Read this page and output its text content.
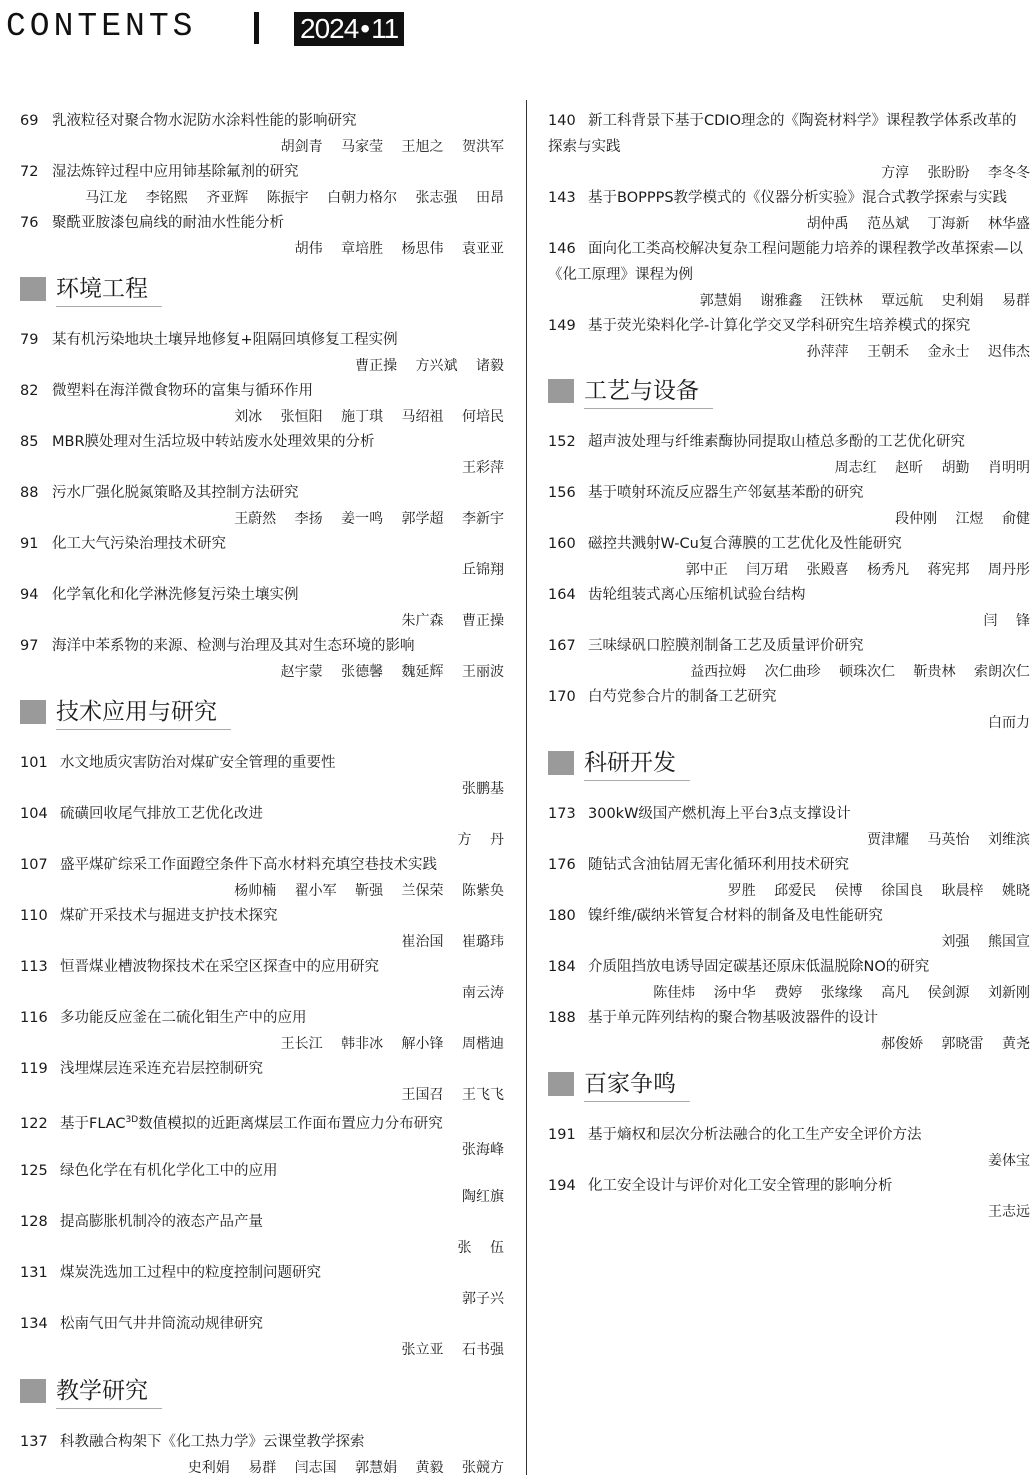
CONTENTS	2024•11
69 乳液粒径对聚合物水泥防水涂料性能的影响研究
胡剑青 马家莹 王旭之 贺洪军
72 湿法炼锌过程中应用铈基除氟剂的研究
马江龙 李铭熙 齐亚辉 陈振宇 白朝力格尔 张志强 田昂
76 聚酰亚胺漆包扁线的耐油水性能分析
胡伟 章培胜 杨思伟 袁亚亚
环境工程
79 某有机污染地块土壤异地修复+阻隔回填修复工程实例
曹正操 方兴斌 诸毅
82 微塑料在海洋微食物环的富集与循环作用
刘冰 张恒阳 施丁琪 马绍祖 何培民
85 MBR膜处理对生活垃圾中转站废水处理效果的分析
王彩萍
88 污水厂强化脱氮策略及其控制方法研究
王蔚然 李扬 姜一鸣 郭学超 李新宇
91 化工大气污染治理技术研究
丘锦翔
94 化学氧化和化学淋洗修复污染土壤实例
朱广森 曹正操
97 海洋中苯系物的来源、检测与治理及其对生态环境的影响
赵宇蒙 张德馨 魏延辉 王丽波
技术应用与研究
101 水文地质灾害防治对煤矿安全管理的重要性
张鹏基
104 硫磺回收尾气排放工艺优化改进
方 丹
107 盛平煤矿综采工作面蹬空条件下高水材料充填空巷技术实践
杨帅楠 翟小军 靳强 兰保荣 陈紫奂
110 煤矿开采技术与掘进支护技术探究
崔治国 崔璐玮
113 恒晋煤业槽波物探技术在采空区探查中的应用研究
南云涛
116 多功能反应釜在二硫化钼生产中的应用
王长江 韩非冰 解小锋 周楷迪
119 浅埋煤层连采连充岩层控制研究
王国召 王飞飞
122 基于$FLAC^{3D}$数值模拟的近距离煤层工作面布置应力分布研究
张海峰
125 绿色化学在有机化学化工中的应用
陶红旗
128 提高膨胀机制冷的液态产品产量
张 伍
131 煤炭洗选加工过程中的粒度控制问题研究
郭子兴
134 松南气田气井井筒流动规律研究
张立亚 石书强
教学研究
137 科教融合构架下《化工热力学》云课堂教学探索
史利娟 易群 闫志国 郭慧娟 黄毅 张競方
140 新工科背景下基于CDIO理念的《陶瓷材料学》课程教学体系改革的探索与实践
方淳 张盼盼 李冬冬
143 基于BOPPPS教学模式的《仪器分析实验》混合式教学探索与实践
胡仲禹 范丛斌 丁海新 林华盛
146 面向化工类高校解决复杂工程问题能力培养的课程教学改革探索—以《化工原理》课程为例
郭慧娟 谢雅鑫 汪铁林 覃远航 史利娟 易群
149 基于荧光染料化学-计算化学交叉学科研究生培养模式的探究
孙萍萍 王朝禾 金永士 迟伟杰
工艺与设备
152 超声波处理与纤维素酶协同提取山楂总多酚的工艺优化研究
周志红 赵昕 胡勤 肖明明
156 基于喷射环流反应器生产邻氨基苯酚的研究
段仲刚 江煜 俞健
160 磁控共溅射W-Cu复合薄膜的工艺优化及性能研究
郭中正 闫万珺 张殿喜 杨秀凡 蒋宪邦 周丹彤
164 齿轮组装式离心压缩机试验台结构
闫 锋
167 三味绿矾口腔膜剂制备工艺及质量评价研究
益西拉姆 次仁曲珍 顿珠次仁 靳贵林 索朗次仁
170 白芍党参合片的制备工艺研究
白而力
科研开发
173 300kW级国产燃机海上平台3点支撑设计
贾津耀 马英怡 刘维滨
176 随钻式含油钻屑无害化循环利用技术研究
罗胜 邱爱民 侯博 徐国良 耿晨梓 姚晓
180 镍纤维/碳纳米管复合材料的制备及电性能研究
刘强 熊国宣
184 介质阻挡放电诱导固定碳基还原床低温脱除NO的研究
陈佳炜 汤中华 费婷 张缘缘 高凡 侯剑源 刘新刚
188 基于单元阵列结构的聚合物基吸波器件的设计
郝俊娇 郭晓雷 黄尧
百家争鸣
191 基于熵权和层次分析法融合的化工生产安全评价方法
姜体宝
194 化工安全设计与评价对化工安全管理的影响分析
王志远
